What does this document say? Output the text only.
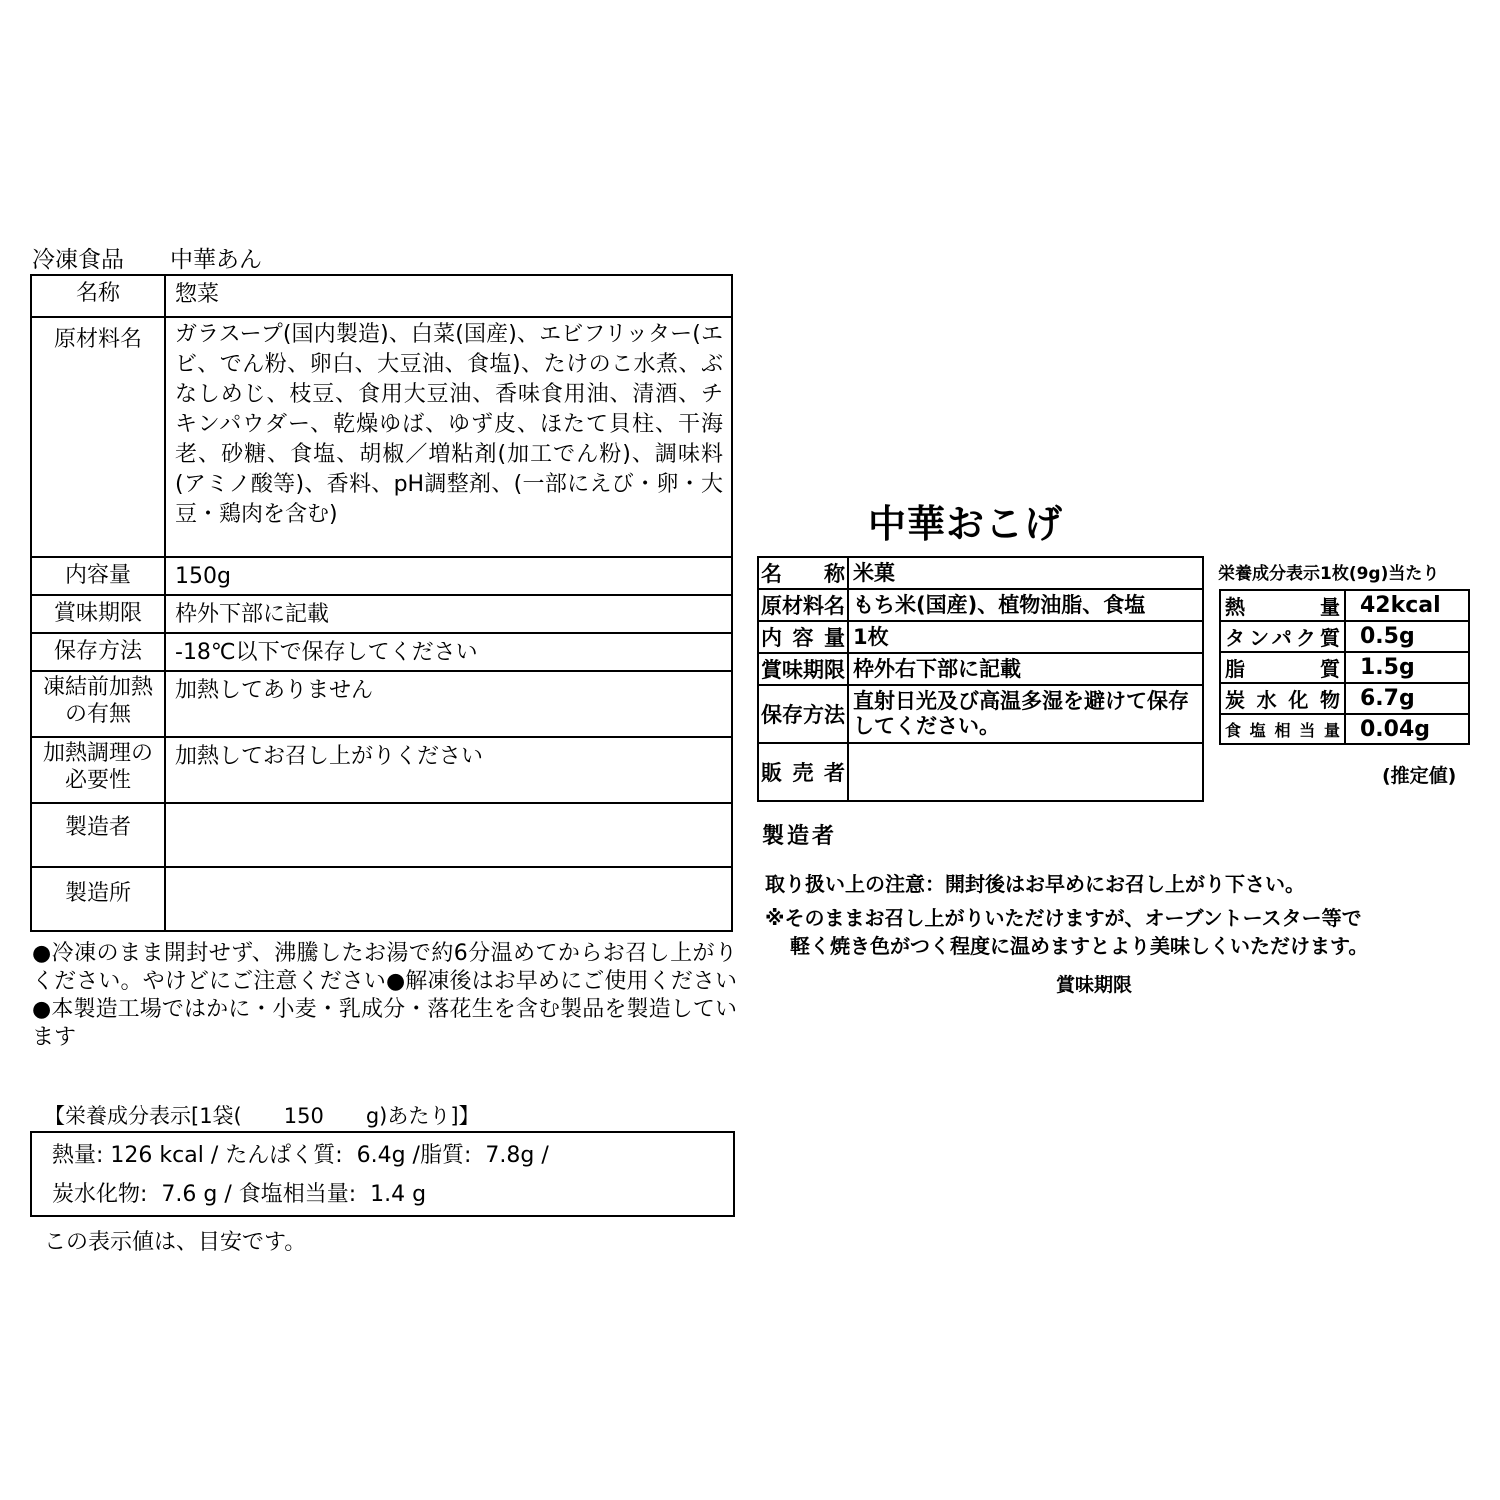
冷凍食品　　 中華あん
名称	惣菜
原材料名	ガラスープ(国内製造)、白菜(国産)、エビフリッター(エビ、でん粉、卵白、大豆油、食塩)、たけのこ水煮、ぶなしめじ、枝豆、食用大豆油、香味食用油、清酒、チキンパウダー、乾燥ゆば、ゆず皮、ほたて貝柱、干海老、砂糖、食塩、胡椒／増粘剤(加工でん粉)、調味料(アミノ酸等)、香料、pH調整剤、(一部にえび・卵・大豆・鶏肉を含む)
内容量	150g
賞味期限	枠外下部に記載
保存方法	-18℃以下で保存してください
凍結前加熱の有無	加熱してありません
加熱調理の必要性	加熱してお召し上がりください
製造者	
製造所	
●冷凍のまま開封せず、沸騰したお湯で約6分温めてからお召し上がりください。やけどにご注意ください●解凍後はお早めにご使用ください●本製造工場ではかに・小麦・乳成分・落花生を含む製品を製造しています
【栄養成分表示[1袋(　　150　　g)あたり]】
熱量: 126 kcal / たんぱく質:  6.4g /脂質:  7.8g /
炭水化物:  7.6 g / 食塩相当量:  1.4 g
この表示値は、目安です。
中華おこげ
名　称	米菓
原材料名	もち米(国産)、植物油脂、食塩
内容量	1枚
賞味期限	枠外右下部に記載
保存方法	直射日光及び高温多湿を避けて保存してください。
販売者	
栄養成分表示1枚(9g)当たり
熱量	42kcal
タンパク質	0.5g
脂質	1.5g
炭水化物	6.7g
食塩相当量	0.04g
(推定値)
製造者
取り扱い上の注意：開封後はお早めにお召し上がり下さい。
※そのままお召し上がりいただけますが、オーブントースター等で
軽く焼き色がつく程度に温めますとより美味しくいただけます。
賞味期限
